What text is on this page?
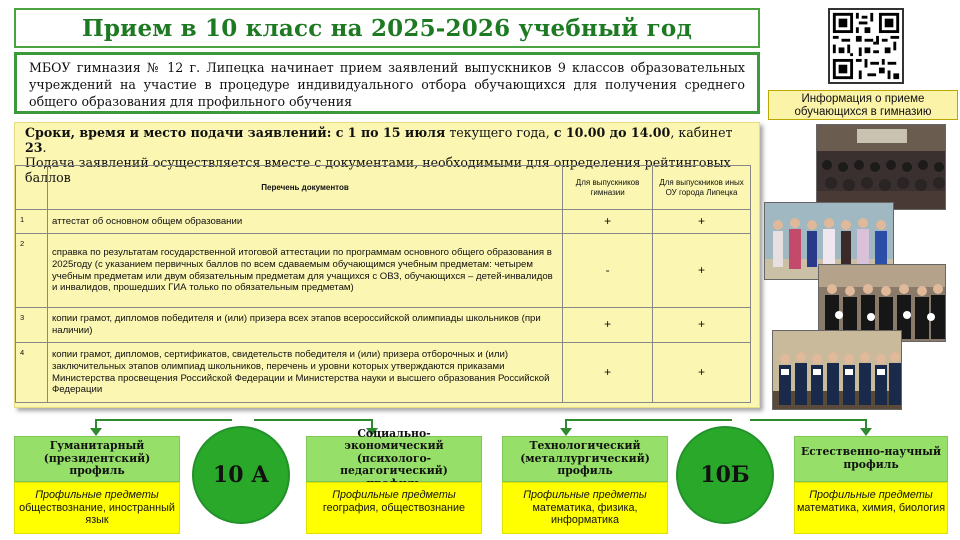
Прием в 10 класс на 2025-2026 учебный год

МБОУ гимназия № 12 г. Липецка начинает прием заявлений выпускников 9 классов образовательных учреждений на участие в процедуре индивидуального отбора обучающихся для получения среднего общего образования для профильного обучения	Информация о приеме обучающихся в гимназию
Сроки, время и место подачи заявлений: с 1 по 15 июля текущего года, с 10.00 до 14.00, кабинет 23.
Подача заявлений осуществляется вместе с документами, необходимыми для определения рейтинговых баллов
	Перечень документов	Для выпускников гимназии	Для выпускников иных ОУ города Липецка
1	аттестат об основном общем образовании	+	+
2	справка по результатам государственной итоговой аттестации по программам основного общего образования в 2025году (с указанием первичных баллов по всем сдаваемым обучающимся учебным предметам: четырем учебным предметам или двум обязательным предметам для учащихся с ОВЗ, обучающихся – детей-инвалидов и инвалидов, прошедших ГИА только по обязательным предметам)	-	+
3	копии грамот, дипломов победителя и (или) призера всех этапов всероссийской олимпиады школьников (при наличии)	+	+
4	копии грамот, дипломов, сертификатов, свидетельств победителя и (или) призера отборочных и (или) заключительных этапов олимпиад школьников, перечень и уровни которых утверждаются приказами Министерства просвещения Российской Федерации и Министерства науки и высшего образования Российской Федерации	+	+
Гуманитарный (президентский) профиль
Профильные предметы
обществознание, иностранный язык
10 А
Социально-экономический (психолого-педагогический)
Профильные предметы
география, обществознание
Технологический (металлургический) профиль
Профильные предметы
математика, физика, информатика
10Б
Естественно-научный профиль
Профильные предметы
математика, химия, биология
